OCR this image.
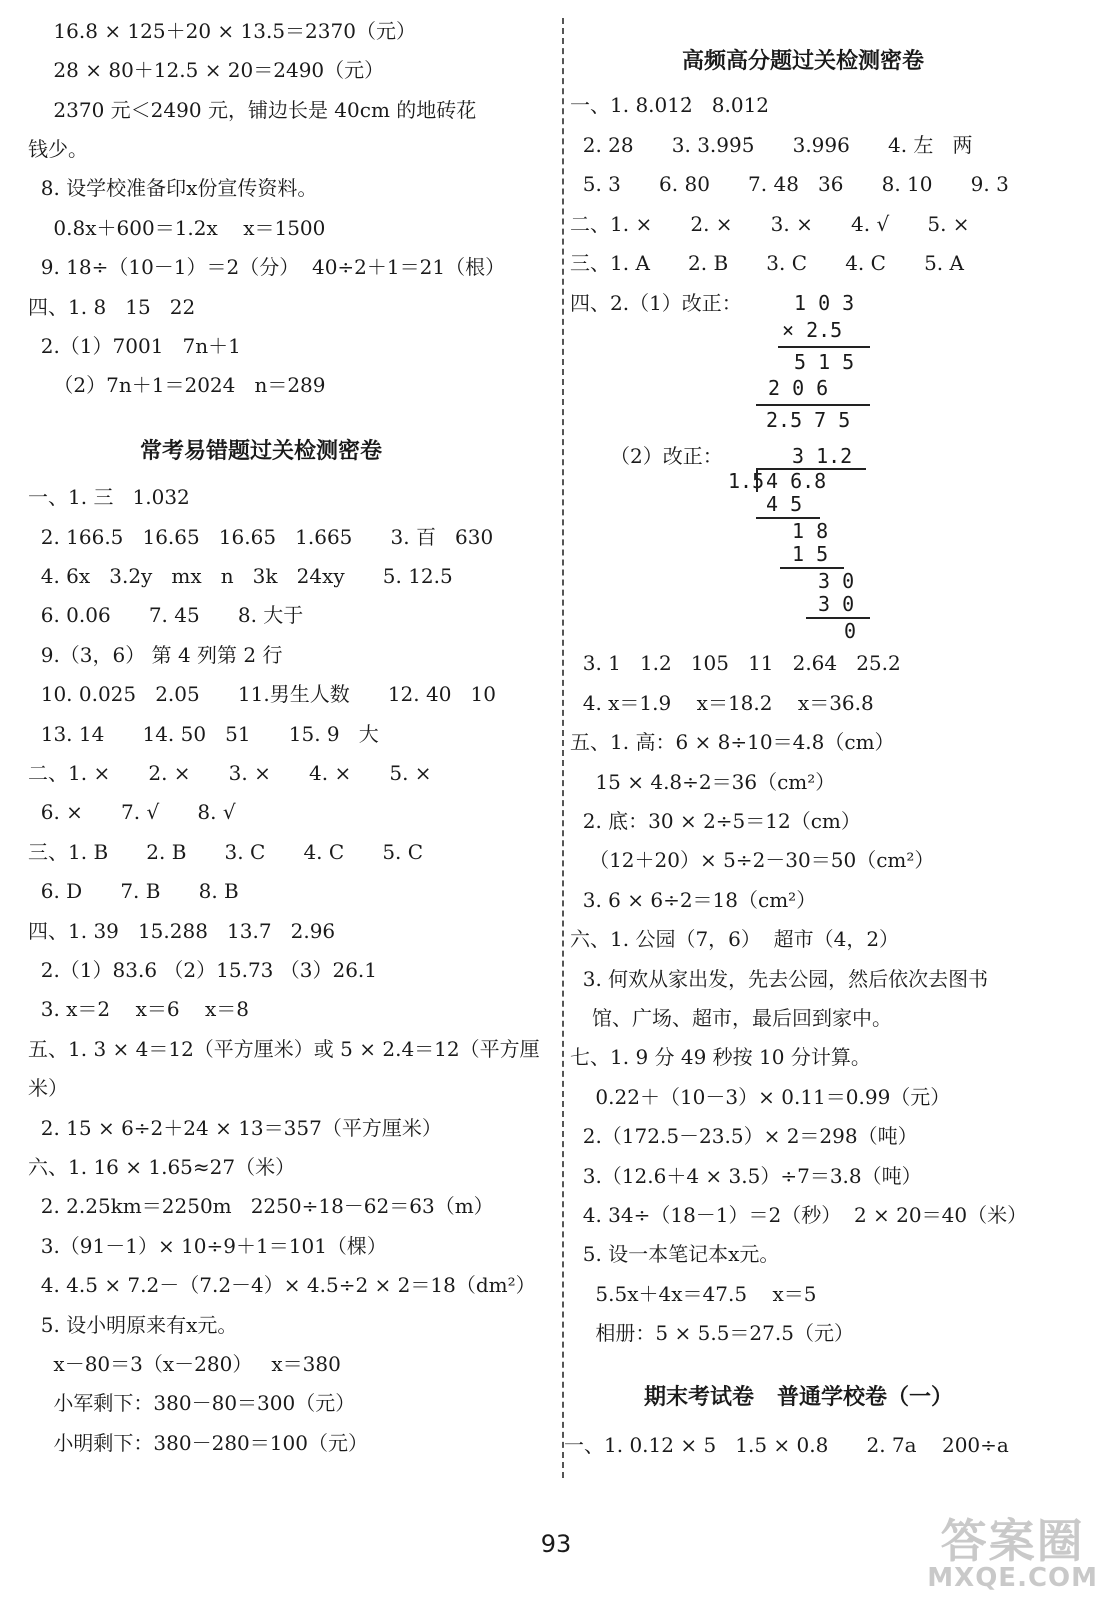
16.8 × 125＋20 × 13.5＝2370（元）
28 × 80＋12.5 × 20＝2490（元）
2370 元＜2490 元，铺边长是 40cm 的地砖花
钱少。
8. 设学校准备印x份宣传资料。
0.8x＋600＝1.2x    x＝1500
9. 18÷（10－1）＝2（分）  40÷2＋1＝21（根）
四、1. 8   15   22
2.（1）7001   7n＋1
（2）7n＋1＝2024   n＝289
常考易错题过关检测密卷
一、1. 三   1.032
2. 166.5   16.65   16.65   1.665      3. 百   630
4. 6x   3.2y   mx   n   3k   24xy      5. 12.5
6. 0.06      7. 45      8. 大于
9.（3，6） 第 4 列第 2 行
10. 0.025   2.05      11.男生人数      12. 40   10
13. 14      14. 50   51      15. 9   大
二、1. ×      2. ×      3. ×      4. ×      5. ×
6. ×      7. √      8. √
三、1. B      2. B      3. C      4. C      5. C
6. D      7. B      8. B
四、1. 39   15.288   13.7   2.96
2.（1）83.6 （2）15.73 （3）26.1
3. x＝2    x＝6    x＝8
五、1. 3 × 4＝12（平方厘米）或 5 × 2.4＝12（平方厘
米）
2. 15 × 6÷2＋24 × 13＝357（平方厘米）
六、1. 16 × 1.65≈27（米）
2. 2.25km＝2250m   2250÷18－62＝63（m）
3.（91－1）× 10÷9＋1＝101（棵）
4. 4.5 × 7.2－（7.2－4）× 4.5÷2 × 2＝18（dm²）
5. 设小明原来有x元。
x－80＝3（x－280）   x＝380
小军剩下：380－80＝300（元）
小明剩下：380－280＝100（元）
高频高分题过关检测密卷
一、1. 8.012̇   8.012
2. 28      3. 3.99̇5̇      3.996      4. 左   两
5. 3      6. 80      7. 48   36      8. 10      9. 3
二、1. ×      2. ×      3. ×      4. √      5. ×
三、1. A      2. B      3. C      4. C      5. A
四、2.（1）改正：	1 0 3
× 2.5
5 1 5
2 0 6
2.5 7 5
（2）改正：	3 1.2
1.5 4 6.8
4 5
1 8
1 5
3 0
3 0
0
3. 1   1.2   105   11   2.64   25.2
4. x＝1.9    x＝18.2    x＝36.8
五、1. 高：6 × 8÷10＝4.8（cm）
15 × 4.8÷2＝36（cm²）
2. 底：30 × 2÷5＝12（cm）
（12＋20）× 5÷2－30＝50（cm²）
3. 6 × 6÷2＝18（cm²）
六、1. 公园（7，6）  超市（4，2）
3. 何欢从家出发，先去公园，然后依次去图书
馆、广场、超市，最后回到家中。
七、1. 9 分 49 秒按 10 分计算。
0.22＋（10－3）× 0.11＝0.99（元）
2.（172.5－23.5）× 2＝298（吨）
3.（12.6＋4 × 3.5）÷7＝3.8（吨）
4. 34÷（18－1）＝2（秒）  2 × 20＝40（米）
5. 设一本笔记本x元。
5.5x＋4x＝47.5    x＝5
相册：5 × 5.5＝27.5（元）
期末考试卷   普通学校卷（一）
一、1. 0.12 × 5   1.5 × 0.8      2. 7a    200÷a
93	答案圈
MXQE.COM
